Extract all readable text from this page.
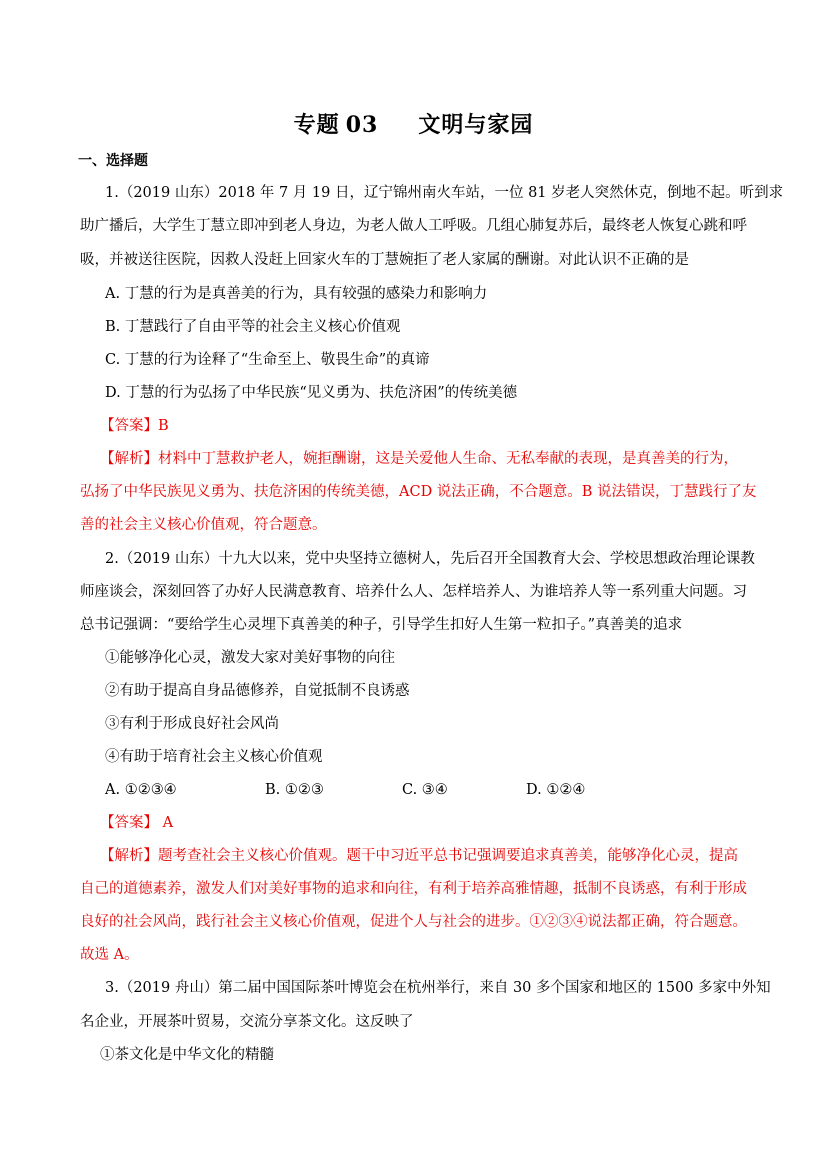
专题 03 文明与家园
一、选择题
1.（2019 山东）2018 年 7 月 19 日，辽宁锦州南火车站，一位 81 岁老人突然休克，倒地不起。听到求
助广播后，大学生丁慧立即冲到老人身边，为老人做人工呼吸。几组心肺复苏后，最终老人恢复心跳和呼
吸，并被送往医院，因救人没赶上回家火车的丁慧婉拒了老人家属的酬谢。对此认识不正确的是
A. 丁慧的行为是真善美的行为，具有较强的感染力和影响力
B. 丁慧践行了自由平等的社会主义核心价值观
C. 丁慧的行为诠释了“生命至上、敬畏生命”的真谛
D. 丁慧的行为弘扬了中华民族“见义勇为、扶危济困”的传统美德
【答案】B
【解析】材料中丁慧救护老人，婉拒酬谢，这是关爱他人生命、无私奉献的表现，是真善美的行为，
弘扬了中华民族见义勇为、扶危济困的传统美德，ACD 说法正确，不合题意。B 说法错误，丁慧践行了友
善的社会主义核心价值观，符合题意。
2.（2019 山东）十九大以来，党中央坚持立德树人，先后召开全国教育大会、学校思想政治理论课教
师座谈会，深刻回答了办好人民满意教育、培养什么人、怎样培养人、为谁培养人等一系列重大问题。习
总书记强调：“要给学生心灵埋下真善美的种子，引导学生扣好人生第一粒扣子。”真善美的追求
①能够净化心灵，激发大家对美好事物的向往
②有助于提高自身品德修养，自觉抵制不良诱惑
③有利于形成良好社会风尚
④有助于培育社会主义核心价值观
A. ①②③④	B. ①②③	C. ③④	D. ①②④
【答案】 A
【解析】题考查社会主义核心价值观。题干中习近平总书记强调要追求真善美，能够净化心灵，提高
自己的道德素养，激发人们对美好事物的追求和向往，有利于培养高雅情趣，抵制不良诱惑，有利于形成
良好的社会风尚，践行社会主义核心价值观，促进个人与社会的进步。①②③④说法都正确，符合题意。
故选 A。
3.（2019 舟山）第二届中国国际茶叶博览会在杭州举行，来自 30 多个国家和地区的 1500 多家中外知
名企业，开展茶叶贸易，交流分享茶文化。这反映了
①茶文化是中华文化的精髓
